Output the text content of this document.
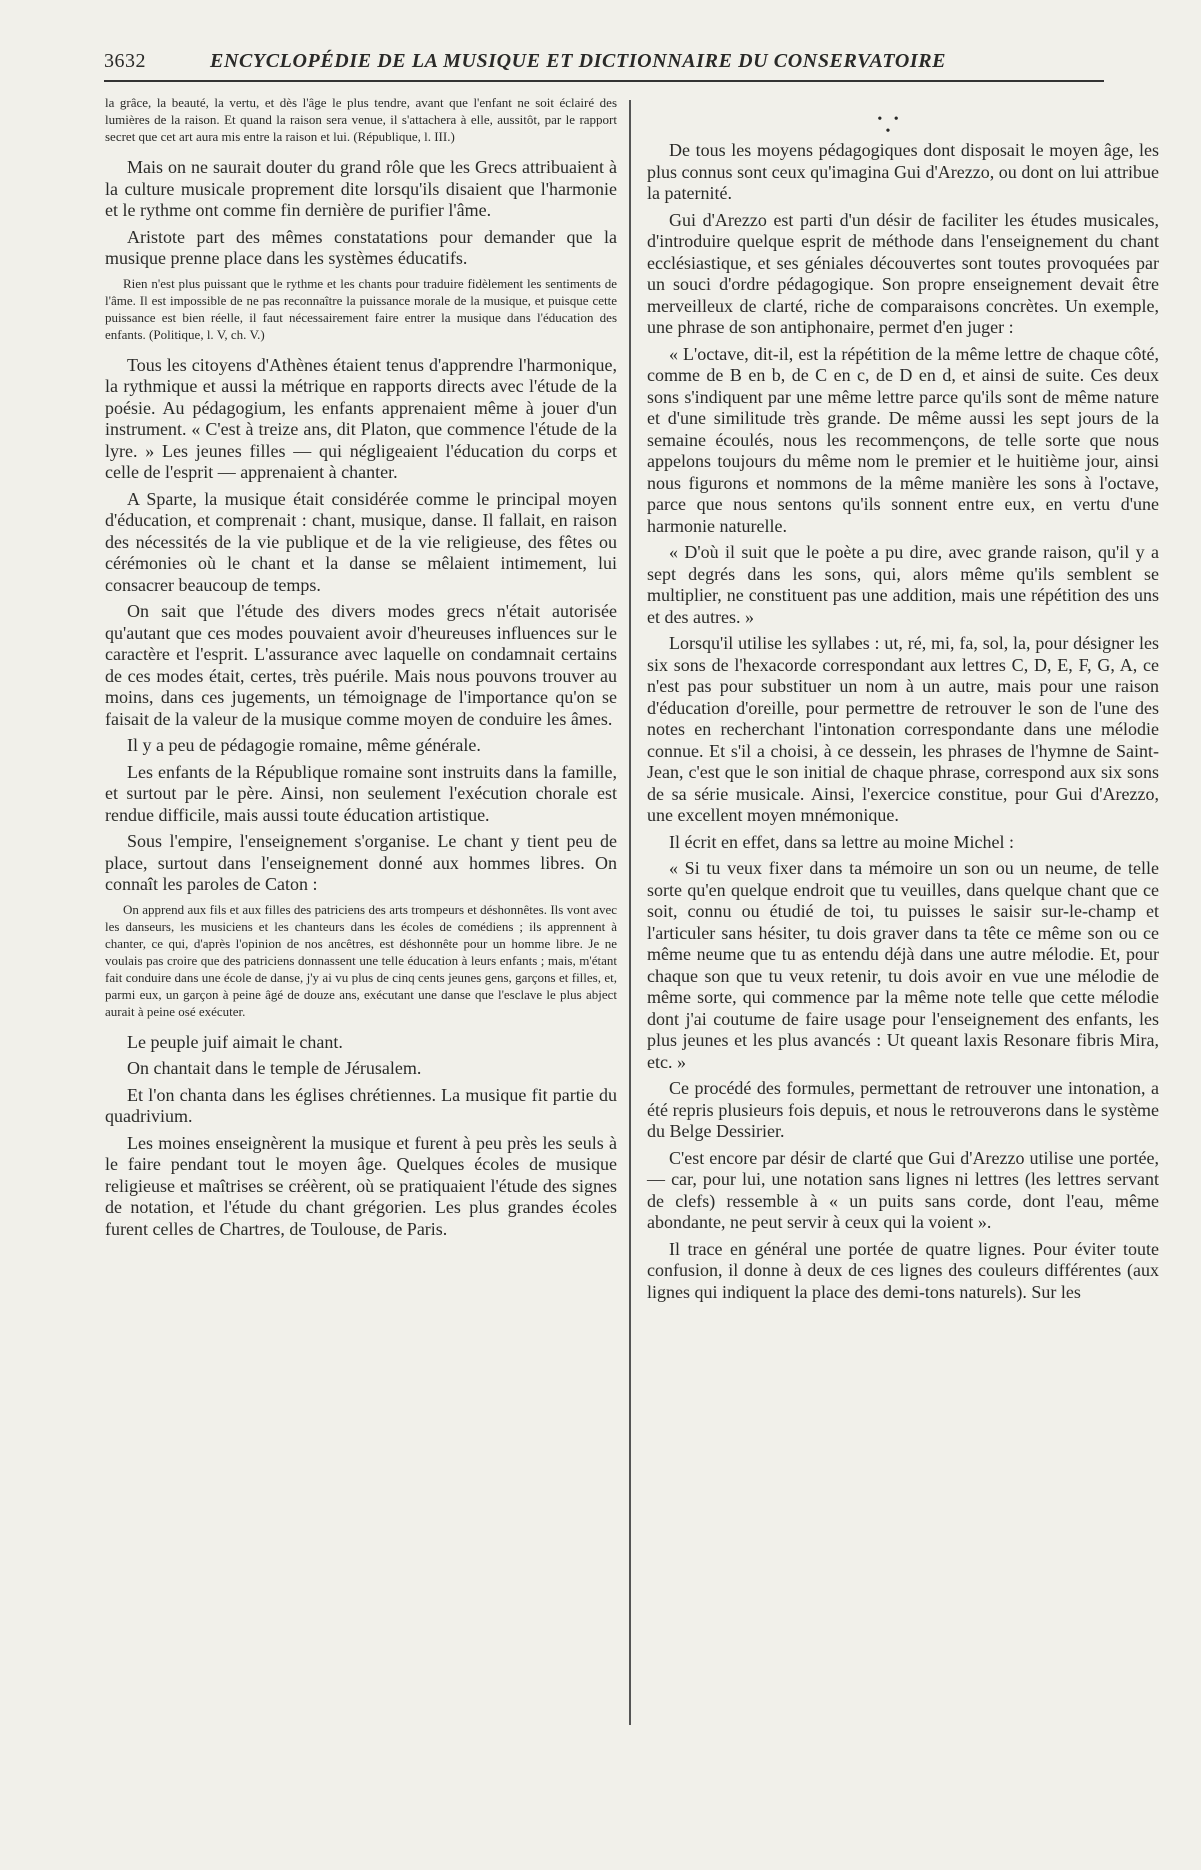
3632	ENCYCLOPÉDIE DE LA MUSIQUE ET DICTIONNAIRE DU CONSERVATOIRE

la grâce, la beauté, la vertu, et dès l'âge le plus tendre, avant que l'enfant ne soit éclairé des lumières de la raison. Et quand la raison sera venue, il s'attachera à elle, aussitôt, par le rapport secret que cet art aura mis entre la raison et lui. (République, l. III.)

Mais on ne saurait douter du grand rôle que les Grecs attribuaient à la culture musicale proprement dite lorsqu'ils disaient que l'harmonie et le rythme ont comme fin dernière de purifier l'âme.

Aristote part des mêmes constatations pour demander que la musique prenne place dans les systèmes éducatifs.

Rien n'est plus puissant que le rythme et les chants pour traduire fidèlement les sentiments de l'âme. Il est impossible de ne pas reconnaître la puissance morale de la musique, et puisque cette puissance est bien réelle, il faut nécessairement faire entrer la musique dans l'éducation des enfants. (Politique, l. V, ch. V.)

Tous les citoyens d'Athènes étaient tenus d'apprendre l'harmonique, la rythmique et aussi la métrique en rapports directs avec l'étude de la poésie. Au pédagogium, les enfants apprenaient même à jouer d'un instrument. « C'est à treize ans, dit Platon, que commence l'étude de la lyre. » Les jeunes filles — qui négligeaient l'éducation du corps et celle de l'esprit — apprenaient à chanter.

A Sparte, la musique était considérée comme le principal moyen d'éducation, et comprenait : chant, musique, danse. Il fallait, en raison des nécessités de la vie publique et de la vie religieuse, des fêtes ou cérémonies où le chant et la danse se mêlaient intimement, lui consacrer beaucoup de temps.

On sait que l'étude des divers modes grecs n'était autorisée qu'autant que ces modes pouvaient avoir d'heureuses influences sur le caractère et l'esprit. L'assurance avec laquelle on condamnait certains de ces modes était, certes, très puérile. Mais nous pouvons trouver au moins, dans ces jugements, un témoignage de l'importance qu'on se faisait de la valeur de la musique comme moyen de conduire les âmes.

Il y a peu de pédagogie romaine, même générale.

Les enfants de la République romaine sont instruits dans la famille, et surtout par le père. Ainsi, non seulement l'exécution chorale est rendue difficile, mais aussi toute éducation artistique.

Sous l'empire, l'enseignement s'organise. Le chant y tient peu de place, surtout dans l'enseignement donné aux hommes libres. On connaît les paroles de Caton :

On apprend aux fils et aux filles des patriciens des arts trompeurs et déshonnêtes. Ils vont avec les danseurs, les musiciens et les chanteurs dans les écoles de comédiens ; ils apprennent à chanter, ce qui, d'après l'opinion de nos ancêtres, est déshonnête pour un homme libre. Je ne voulais pas croire que des patriciens donnassent une telle éducation à leurs enfants ; mais, m'étant fait conduire dans une école de danse, j'y ai vu plus de cinq cents jeunes gens, garçons et filles, et, parmi eux, un garçon à peine âgé de douze ans, exécutant une danse que l'esclave le plus abject aurait à peine osé exécuter.

Le peuple juif aimait le chant.

On chantait dans le temple de Jérusalem.

Et l'on chanta dans les églises chrétiennes. La musique fit partie du quadrivium.

Les moines enseignèrent la musique et furent à peu près les seuls à le faire pendant tout le moyen âge. Quelques écoles de musique religieuse et maîtrises se créèrent, où se pratiquaient l'étude des signes de notation, et l'étude du chant grégorien. Les plus grandes écoles furent celles de Chartres, de Toulouse, de Paris.

• • •

De tous les moyens pédagogiques dont disposait le moyen âge, les plus connus sont ceux qu'imagina Gui d'Arezzo, ou dont on lui attribue la paternité.

Gui d'Arezzo est parti d'un désir de faciliter les études musicales, d'introduire quelque esprit de méthode dans l'enseignement du chant ecclésiastique, et ses géniales découvertes sont toutes provoquées par un souci d'ordre pédagogique. Son propre enseignement devait être merveilleux de clarté, riche de comparaisons concrètes. Un exemple, une phrase de son antiphonaire, permet d'en juger :

« L'octave, dit-il, est la répétition de la même lettre de chaque côté, comme de B en b, de C en c, de D en d, et ainsi de suite. Ces deux sons s'indiquent par une même lettre parce qu'ils sont de même nature et d'une similitude très grande. De même aussi les sept jours de la semaine écoulés, nous les recommençons, de telle sorte que nous appelons toujours du même nom le premier et le huitième jour, ainsi nous figurons et nommons de la même manière les sons à l'octave, parce que nous sentons qu'ils sonnent entre eux, en vertu d'une harmonie naturelle.

« D'où il suit que le poète a pu dire, avec grande raison, qu'il y a sept degrés dans les sons, qui, alors même qu'ils semblent se multiplier, ne constituent pas une addition, mais une répétition des uns et des autres. »

Lorsqu'il utilise les syllabes : ut, ré, mi, fa, sol, la, pour désigner les six sons de l'hexacorde correspondant aux lettres C, D, E, F, G, A, ce n'est pas pour substituer un nom à un autre, mais pour une raison d'éducation d'oreille, pour permettre de retrouver le son de l'une des notes en recherchant l'intonation correspondante dans une mélodie connue. Et s'il a choisi, à ce dessein, les phrases de l'hymne de Saint-Jean, c'est que le son initial de chaque phrase, correspond aux six sons de sa série musicale. Ainsi, l'exercice constitue, pour Gui d'Arezzo, une excellent moyen mnémonique.

Il écrit en effet, dans sa lettre au moine Michel :

« Si tu veux fixer dans ta mémoire un son ou un neume, de telle sorte qu'en quelque endroit que tu veuilles, dans quelque chant que ce soit, connu ou étudié de toi, tu puisses le saisir sur-le-champ et l'articuler sans hésiter, tu dois graver dans ta tête ce même son ou ce même neume que tu as entendu déjà dans une autre mélodie. Et, pour chaque son que tu veux retenir, tu dois avoir en vue une mélodie de même sorte, qui commence par la même note telle que cette mélodie dont j'ai coutume de faire usage pour l'enseignement des enfants, les plus jeunes et les plus avancés : Ut queant laxis Resonare fibris Mira, etc. »

Ce procédé des formules, permettant de retrouver une intonation, a été repris plusieurs fois depuis, et nous le retrouverons dans le système du Belge Dessirier.

C'est encore par désir de clarté que Gui d'Arezzo utilise une portée, — car, pour lui, une notation sans lignes ni lettres (les lettres servant de clefs) ressemble à « un puits sans corde, dont l'eau, même abondante, ne peut servir à ceux qui la voient ».

Il trace en général une portée de quatre lignes. Pour éviter toute confusion, il donne à deux de ces lignes des couleurs différentes (aux lignes qui indiquent la place des demi-tons naturels). Sur les
